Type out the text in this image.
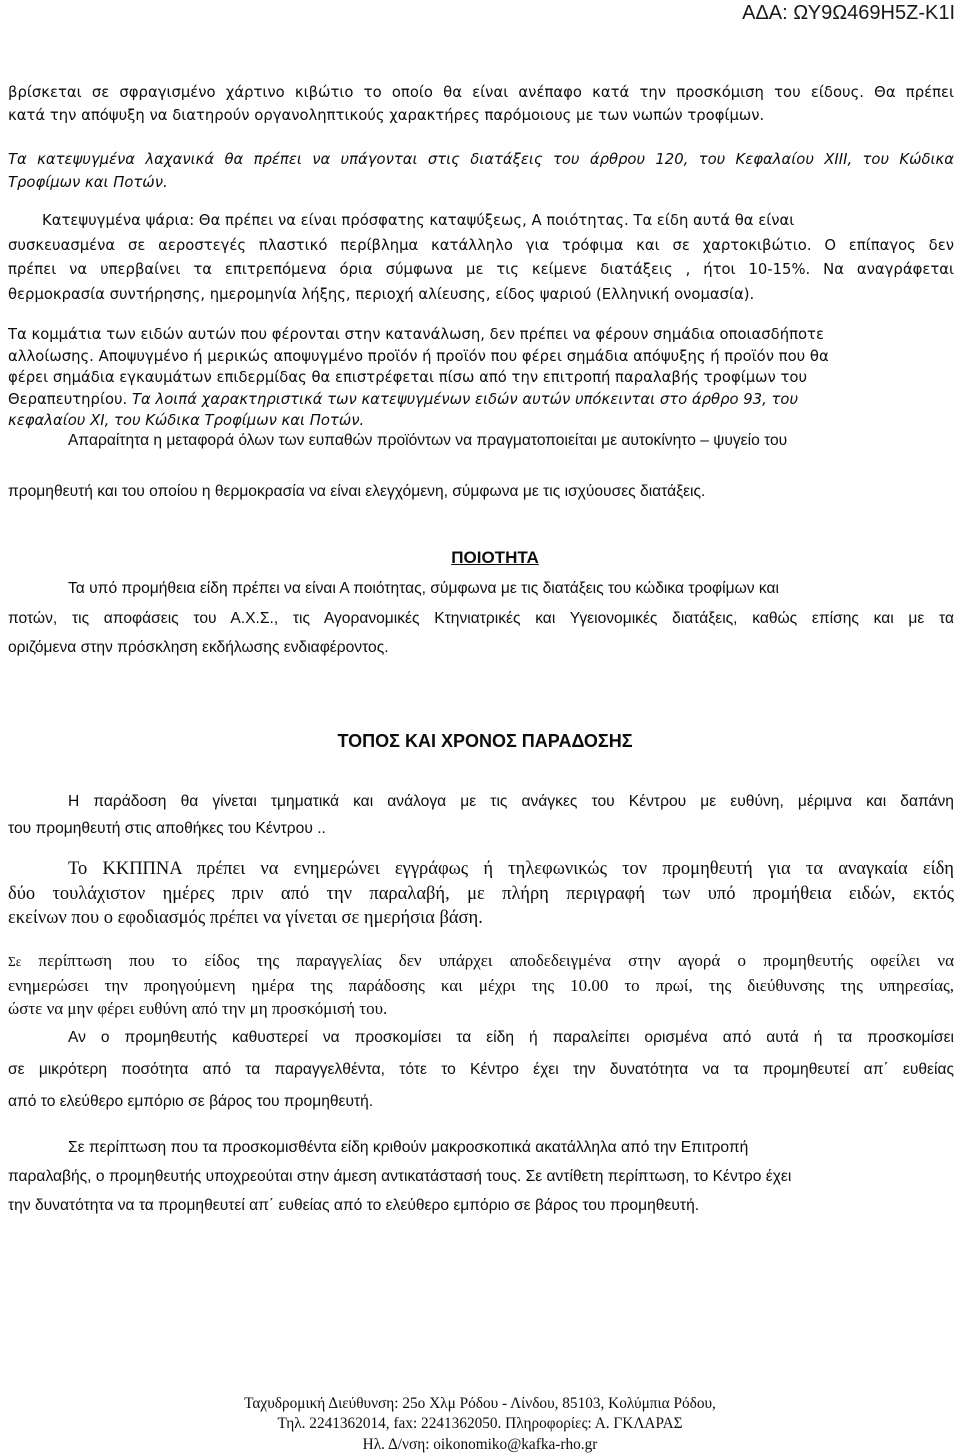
ΑΔΑ: ΩΥ9Ω469Η5Ζ-Κ1Ι
βρίσκεται σε σφραγισμένο χάρτινο κιβώτιο το οποίο θα είναι ανέπαφο κατά την προσκόμιση του είδους. Θα πρέπει
κατά την απόψυξη να διατηρούν οργανοληπτικούς χαρακτήρες παρόμοιους με των νωπών τροφίμων.
Τα κατεψυγμένα λαχανικά θα πρέπει να υπάγονται στις διατάξεις του άρθρου 120, του Κεφαλαίου XIII, του Κώδικα
Τροφίμων και Ποτών.
Κατεψυγμένα ψάρια: Θα πρέπει να είναι πρόσφατης καταψύξεως, Α ποιότητας. Τα είδη αυτά θα είναι
συσκευασμένα σε αεροστεγές πλαστικό περίβλημα κατάλληλο για τρόφιμα και σε χαρτοκιβώτιο. Ο επίπαγος δεν
πρέπει να υπερβαίνει τα επιτρεπόμενα όρια σύμφωνα με τις κείμενε διατάξεις , ήτοι 10-15%. Να αναγράφεται
θερμοκρασία συντήρησης, ημερομηνία λήξης, περιοχή αλίευσης, είδος ψαριού (Ελληνική ονομασία).
Τα κομμάτια των ειδών αυτών που φέρονται στην κατανάλωση, δεν πρέπει να φέρουν σημάδια οποιασδήποτε
αλλοίωσης. Αποψυγμένο ή μερικώς αποψυγμένο προϊόν ή προϊόν που φέρει σημάδια απόψυξης ή προϊόν που θα
φέρει σημάδια εγκαυμάτων επιδερμίδας θα επιστρέφεται πίσω από την επιτροπή παραλαβής τροφίμων του
Θεραπευτηρίου. Τα λοιπά χαρακτηριστικά των κατεψυγμένων ειδών αυτών υπόκεινται στο άρθρο 93, του
κεφαλαίου XI, του Κώδικα Τροφίμων και Ποτών.
Απαραίτητα η μεταφορά όλων των ευπαθών προϊόντων να πραγματοποιείται με αυτοκίνητο – ψυγείο του
προμηθευτή και του οποίου η θερμοκρασία να είναι ελεγχόμενη, σύμφωνα με τις ισχύουσες διατάξεις.
ΠΟΙΟΤΗΤΑ
Τα υπό προμήθεια είδη πρέπει να είναι Α ποιότητας, σύμφωνα με τις διατάξεις του κώδικα τροφίμων και
ποτών, τις αποφάσεις του Α.Χ.Σ., τις Αγορανομικές Κτηνιατρικές και Υγειονομικές διατάξεις, καθώς επίσης και με τα
οριζόμενα στην πρόσκληση εκδήλωσης ενδιαφέροντος.
ΤΟΠΟΣ ΚΑΙ ΧΡΟΝΟΣ ΠΑΡΑΔΟΣΗΣ
Η παράδοση θα γίνεται τμηματικά και ανάλογα με τις ανάγκες του Κέντρου με ευθύνη, μέριμνα και δαπάνη
του προμηθευτή στις αποθήκες του Κέντρου ..
Το ΚΚΠΠΝΑ πρέπει να ενημερώνει εγγράφως ή τηλεφωνικώς τον προμηθευτή για τα αναγκαία είδη
δύο τουλάχιστον ημέρες πριν από την παραλαβή, με πλήρη περιγραφή των υπό προμήθεια ειδών, εκτός
εκείνων που ο εφοδιασμός πρέπει να γίνεται σε ημερήσια βάση.
Σε περίπτωση που το είδος της παραγγελίας δεν υπάρχει αποδεδειγμένα στην αγορά ο προμηθευτής οφείλει να
ενημερώσει την προηγούμενη ημέρα της παράδοσης και μέχρι της 10.00 το πρωί, της διεύθυνσης της υπηρεσίας,
ώστε να μην φέρει ευθύνη από την μη προσκόμισή του.
Αν ο προμηθευτής καθυστερεί να προσκομίσει τα είδη ή παραλείπει ορισμένα από αυτά ή τα προσκομίσει
σε μικρότερη ποσότητα από τα παραγγελθέντα, τότε το Κέντρο έχει την δυνατότητα να τα προμηθευτεί απ΄ ευθείας
από το ελεύθερο εμπόριο σε βάρος του προμηθευτή.
Σε περίπτωση που τα προσκομισθέντα είδη κριθούν μακροσκοπικά ακατάλληλα από την Επιτροπή
παραλαβής, ο προμηθευτής υποχρεούται στην άμεση αντικατάστασή τους. Σε αντίθετη περίπτωση, το Κέντρο έχει
την δυνατότητα να τα προμηθευτεί απ΄ ευθείας από το ελεύθερο εμπόριο σε βάρος του προμηθευτή.
Ταχυδρομική Διεύθυνση: 25ο Χλμ Ρόδου - Λίνδου, 85103, Κολύμπια Ρόδου,
Τηλ. 2241362014, fax: 2241362050. Πληροφορίες: Α. ΓΚΛΑΡΑΣ
Ηλ. Δ/νση: oikonomiko@kafka-rho.gr
